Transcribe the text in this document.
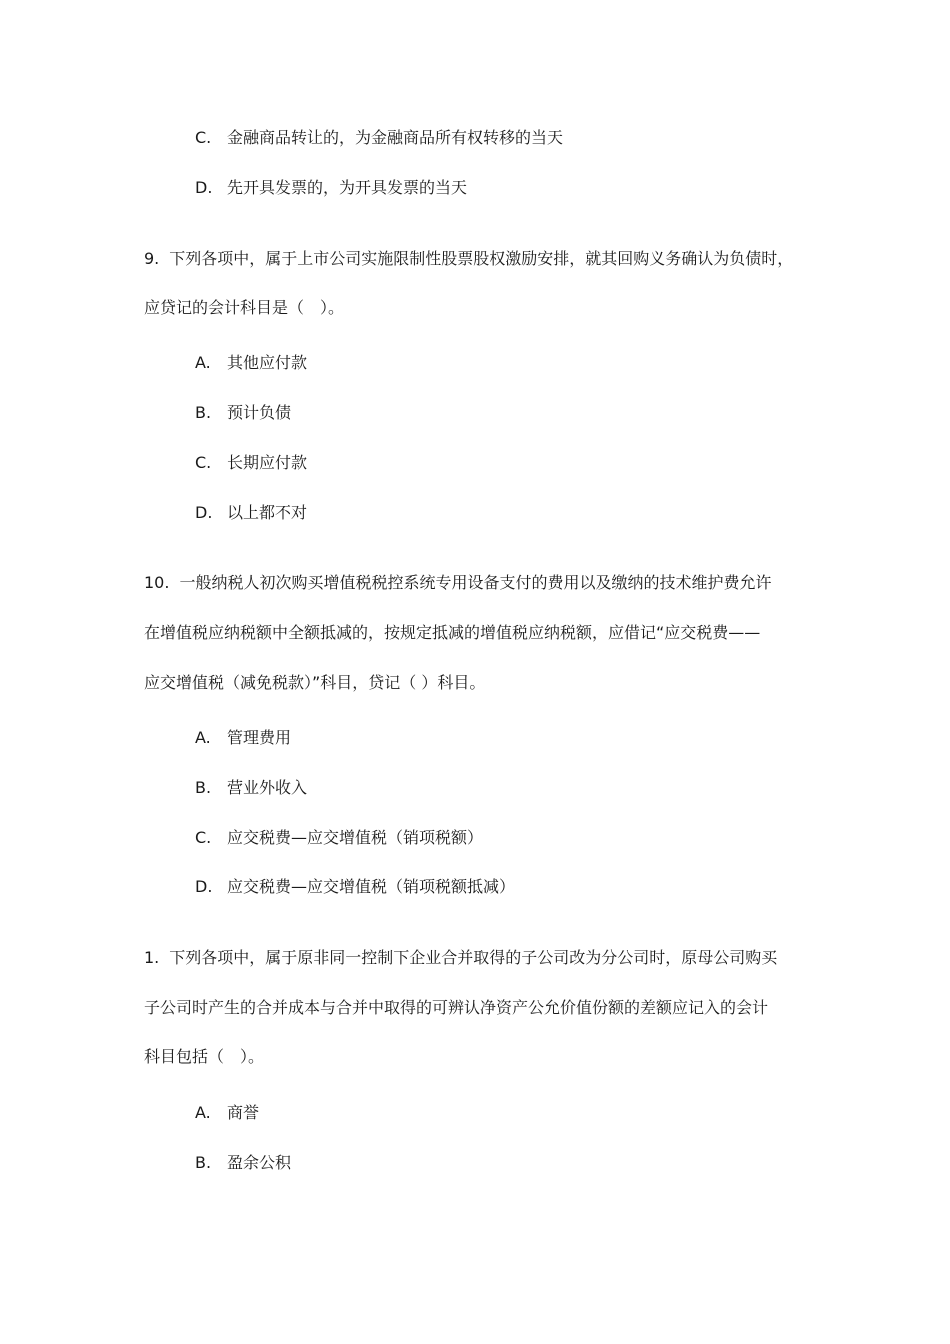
C. 金融商品转让的，为金融商品所有权转移的当天
D. 先开具发票的，为开具发票的当天
9. 下列各项中，属于上市公司实施限制性股票股权激励安排，就其回购义务确认为负债时，
应贷记的会计科目是（　）。
A. 其他应付款
B. 预计负债
C. 长期应付款
D. 以上都不对
10. 一般纳税人初次购买增值税税控系统专用设备支付的费用以及缴纳的技术维护费允许
在增值税应纳税额中全额抵减的，按规定抵减的增值税应纳税额，应借记“应交税费——
应交增值税（减免税款）”科目，贷记（ ）科目。
A. 管理费用
B. 营业外收入
C. 应交税费—应交增值税（销项税额）
D. 应交税费—应交增值税（销项税额抵减）
1. 下列各项中，属于原非同一控制下企业合并取得的子公司改为分公司时，原母公司购买
子公司时产生的合并成本与合并中取得的可辨认净资产公允价值份额的差额应记入的会计
科目包括（　）。
A. 商誉
B. 盈余公积
